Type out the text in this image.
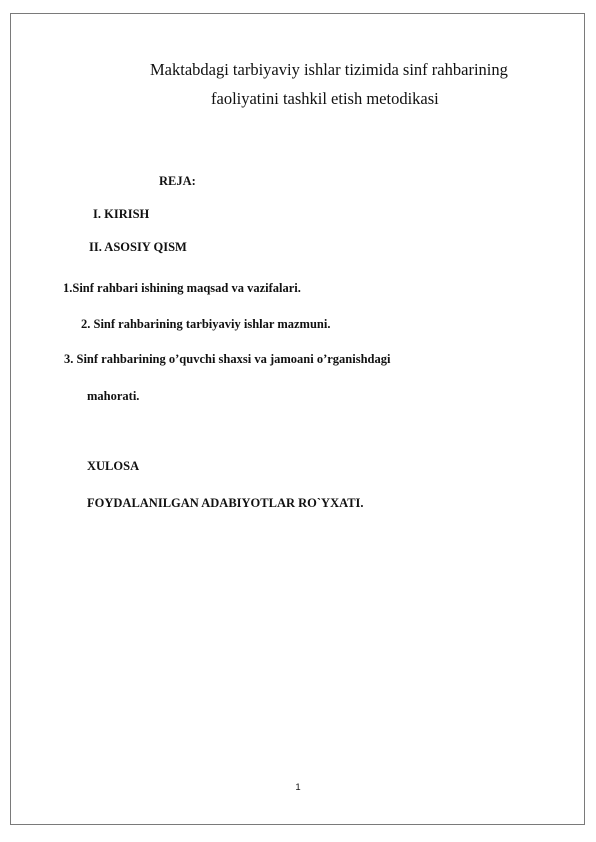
Maktabdagi tarbiyaviy ishlar tizimida sinf rahbarining
faoliyatini tashkil etish metodikasi
REJA:
I. KIRISH
II. ASOSIY QISM
1.Sinf rahbari ishining maqsad va vazifalari.
2. Sinf rahbarining tarbiyaviy ishlar mazmuni.
3. Sinf rahbarining o’quvchi shaxsi va jamoani o’rganishdagi
mahorati.
XULOSA
FOYDALANILGAN ADABIYOTLAR RO`YXATI.
1
